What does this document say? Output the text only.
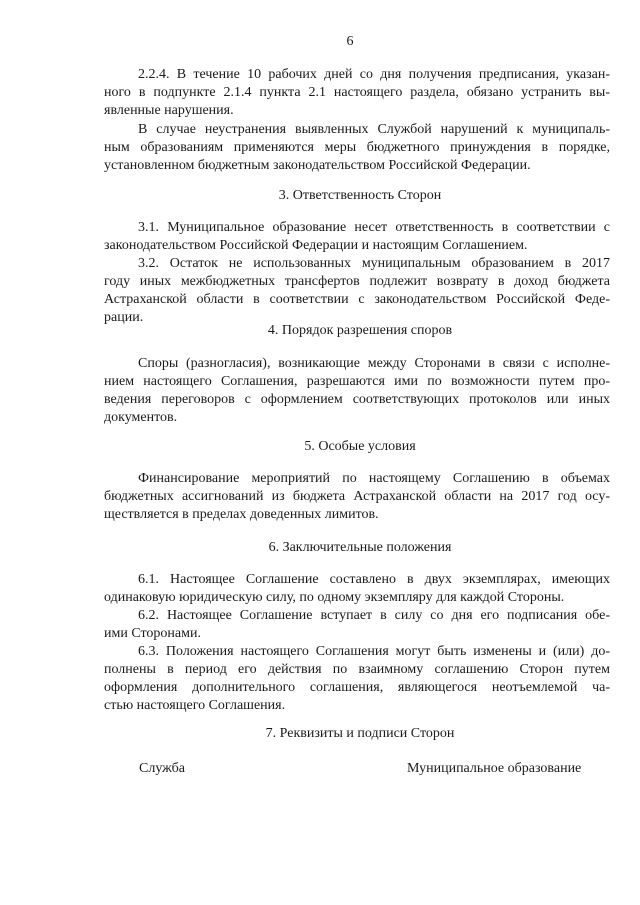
6
2.2.4. В течение 10 рабочих дней со дня получения предписания, указан-
ного в подпункте 2.1.4 пункта 2.1 настоящего раздела, обязано устранить вы-
явленные нарушения.
В случае неустранения выявленных Службой нарушений к муниципаль-
ным образованиям применяются меры бюджетного принуждения в порядке,
установленном бюджетным законодательством Российской Федерации.
3. Ответственность Сторон
3.1. Муниципальное образование несет ответственность в соответствии с
законодательством Российской Федерации и настоящим Соглашением.
3.2. Остаток не использованных муниципальным образованием в 2017
году иных межбюджетных трансфертов подлежит возврату в доход бюджета
Астраханской области в соответствии с законодательством Российской Феде-
рации.
4. Порядок разрешения споров
Споры (разногласия), возникающие между Сторонами в связи с исполне-
нием настоящего Соглашения, разрешаются ими по возможности путем про-
ведения переговоров с оформлением соответствующих протоколов или иных
документов.
5. Особые условия
Финансирование мероприятий по настоящему Соглашению в объемах
бюджетных ассигнований из бюджета Астраханской области на 2017 год осу-
ществляется в пределах доведенных лимитов.
6. Заключительные положения
6.1. Настоящее Соглашение составлено в двух экземплярах, имеющих
одинаковую юридическую силу, по одному экземпляру для каждой Стороны.
6.2. Настоящее Соглашение вступает в силу со дня его подписания обе-
ими Сторонами.
6.3. Положения настоящего Соглашения могут быть изменены и (или) до-
полнены в период его действия по взаимному соглашению Сторон путем
оформления дополнительного соглашения, являющегося неотъемлемой ча-
стью настоящего Соглашения.
7. Реквизиты и подписи Сторон
Служба	Муниципальное образование
